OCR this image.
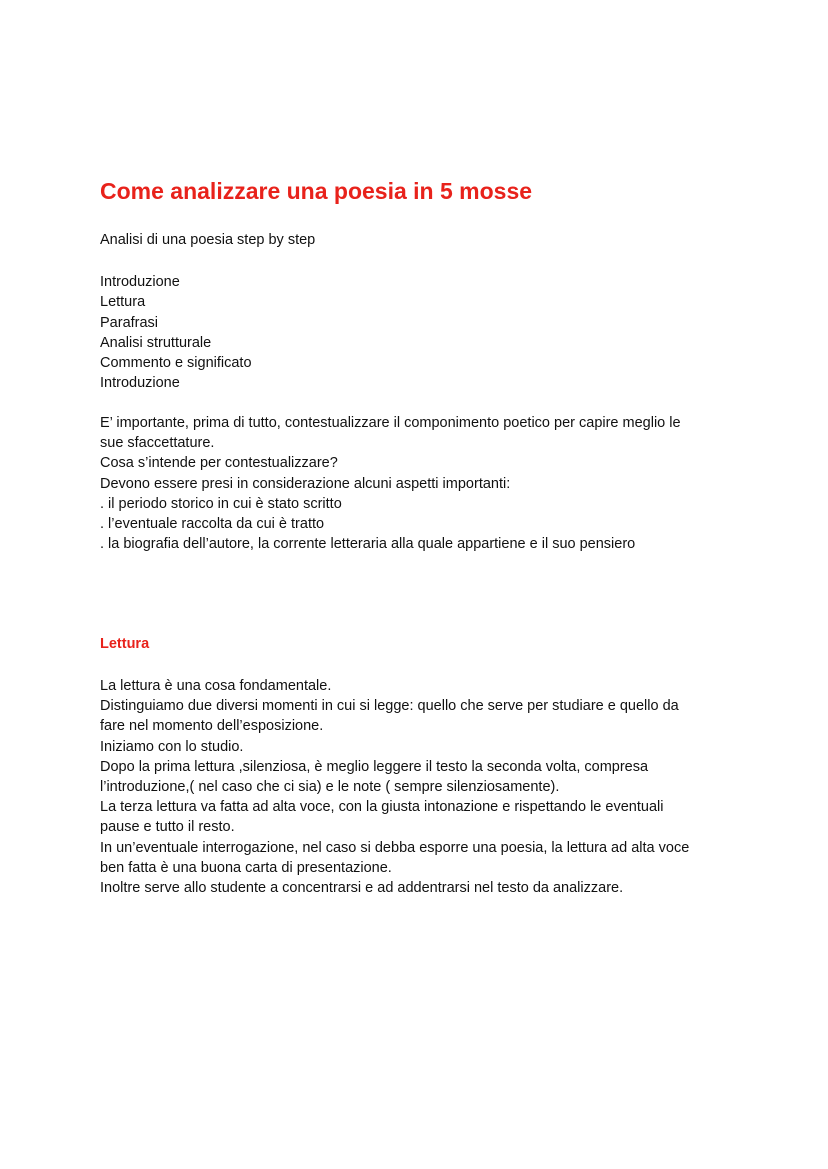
Come analizzare una poesia in 5 mosse
Analisi di una poesia step by step
Introduzione
Lettura
Parafrasi
Analisi strutturale
Commento e significato
Introduzione
E’ importante, prima di tutto, contestualizzare il componimento poetico per capire meglio le
sue sfaccettature.
Cosa s’intende per contestualizzare?
Devono essere presi in considerazione alcuni aspetti importanti:
. il periodo storico in cui è stato scritto
. l’eventuale raccolta da cui è tratto
. la biografia dell’autore, la corrente letteraria alla quale appartiene e il suo pensiero
Lettura
La lettura è una cosa fondamentale.
Distinguiamo due diversi momenti in cui si legge: quello che serve per studiare e quello da
fare nel momento dell’esposizione.
Iniziamo con lo studio.
Dopo la prima lettura ,silenziosa, è meglio leggere il testo la seconda volta, compresa
l’introduzione,( nel caso che ci sia) e le note ( sempre silenziosamente).
La terza lettura va fatta ad alta voce, con la giusta intonazione e rispettando le eventuali
pause e tutto il resto.
In un’eventuale interrogazione, nel caso si debba esporre una poesia, la lettura ad alta voce
ben fatta è una buona carta di presentazione.
Inoltre serve allo studente a concentrarsi e ad addentrarsi nel testo da analizzare.
